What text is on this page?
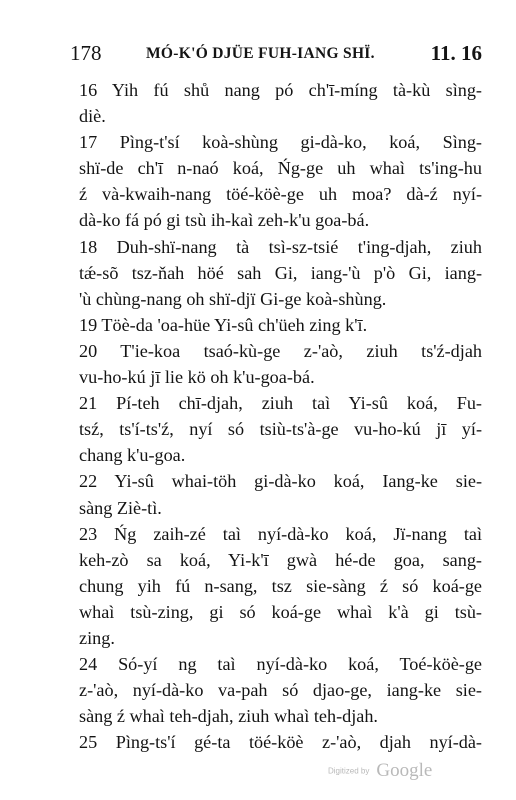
178	MÓ-K'Ó DJÜE FUH-IANG SHÏ.	11. 16

16 Yih fú shů nang pó ch'ī-míng tà-kù sìng-
diè.

17 Pìng-t'sí koà-shùng gi-dà-ko, koá, Sìng-
shï-de ch'ī n-naó koá, Ńg-ge uh whaì ts'ing-hu
ź và-kwaih-nang töé-köè-ge uh moa? dà-ź nyí-
dà-ko fá pó gi tsù ih-kaì zeh-k'u goa-bá.

18 Duh-shï-nang tà tsì-sz-tsié t'ing-djah, ziuh
tǽ-sõ tsz-ňah höé sah Gi, iang-'ù p'ò Gi, iang-
'ù chùng-nang oh shï-djï Gi-ge koà-shùng.

19 Töè-da 'oa-hüe Yi-sû ch'üeh zing k'ī.

20 T'ie-koa tsaó-kù-ge z-'aò, ziuh ts'ź-djah
vu-ho-kú jī lie kö oh k'u-goa-bá.

21 Pí-teh chī-djah, ziuh taì Yi-sû koá, Fu-
tsź, ts'í-ts'ź, nyí só tsiù-ts'à-ge vu-ho-kú jī yí-
chang k'u-goa.

22 Yi-sû whai-töh gi-dà-ko koá, Iang-ke sie-
sàng Ziè-tì.

23 Ńg zaih-zé taì nyí-dà-ko koá, Jï-nang taì
keh-zò sa koá, Yi-k'ī gwà hé-de goa, sang-
chung yih fú n-sang, tsz sie-sàng ź só koá-ge
whaì tsù-zing, gi só koá-ge whaì k'à gi tsù-
zing.

24 Só-yí ng taì nyí-dà-ko koá, Toé-köè-ge
z-'aò, nyí-dà-ko va-pah só djao-ge, iang-ke sie-
sàng ź whaì teh-djah, ziuh whaì teh-djah.

25 Pìng-ts'í gé-ta töé-köè z-'aò, djah nyí-dà-

Digitized by Google
